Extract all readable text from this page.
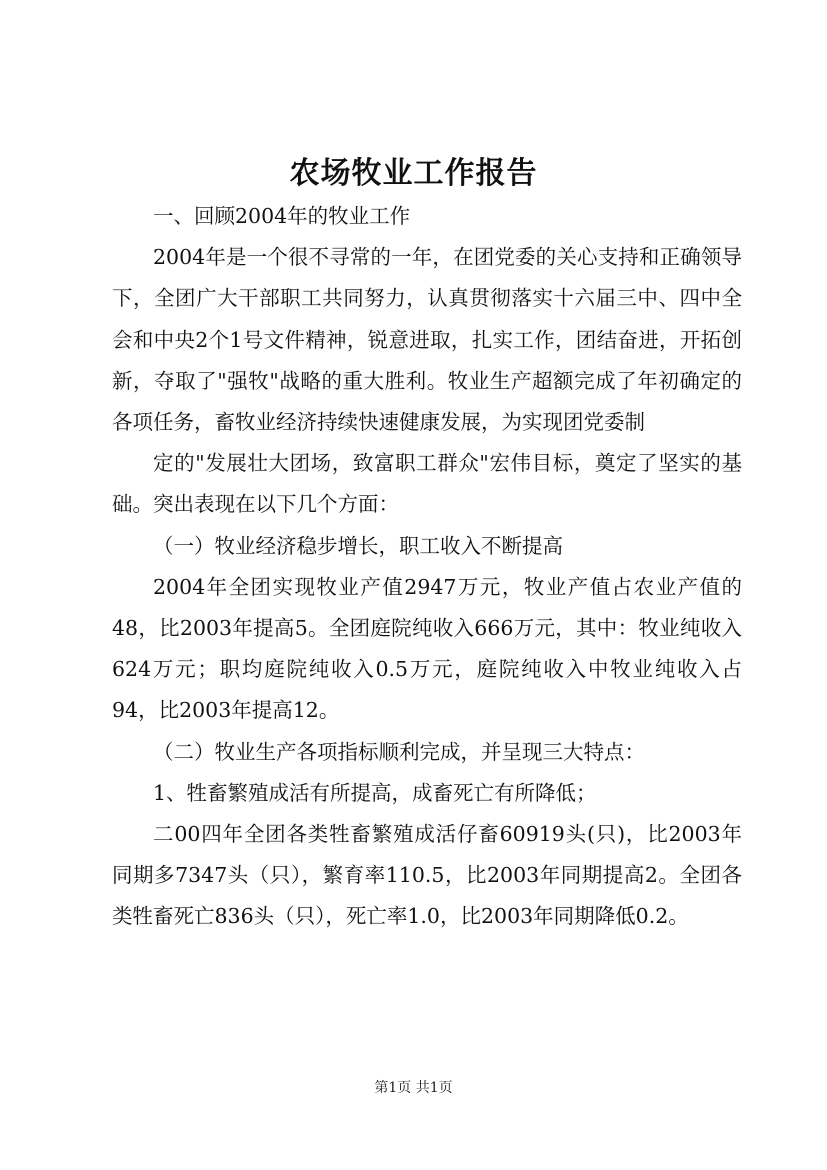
农场牧业工作报告

一、回顾2004年的牧业工作

2004年是一个很不寻常的一年，在团党委的关心支持和正确领导下，全团广大干部职工共同努力，认真贯彻落实十六届三中、四中全会和中央2个1号文件精神，锐意进取，扎实工作，团结奋进，开拓创新，夺取了"强牧"战略的重大胜利。牧业生产超额完成了年初确定的各项任务，畜牧业经济持续快速健康发展，为实现团党委制

定的"发展壮大团场，致富职工群众"宏伟目标，奠定了坚实的基础。突出表现在以下几个方面：

（一）牧业经济稳步增长，职工收入不断提高

2004年全团实现牧业产值2947万元，牧业产值占农业产值的48，比2003年提高5。全团庭院纯收入666万元，其中：牧业纯收入624万元；职均庭院纯收入0.5万元，庭院纯收入中牧业纯收入占94，比2003年提高12。

（二）牧业生产各项指标顺利完成，并呈现三大特点：

1、牲畜繁殖成活有所提高，成畜死亡有所降低；

二00四年全团各类牲畜繁殖成活仔畜60919头(只)，比2003年同期多7347头（只），繁育率110.5，比2003年同期提高2。全团各类牲畜死亡836头（只），死亡率1.0，比2003年同期降低0.2。

第1页 共1页
